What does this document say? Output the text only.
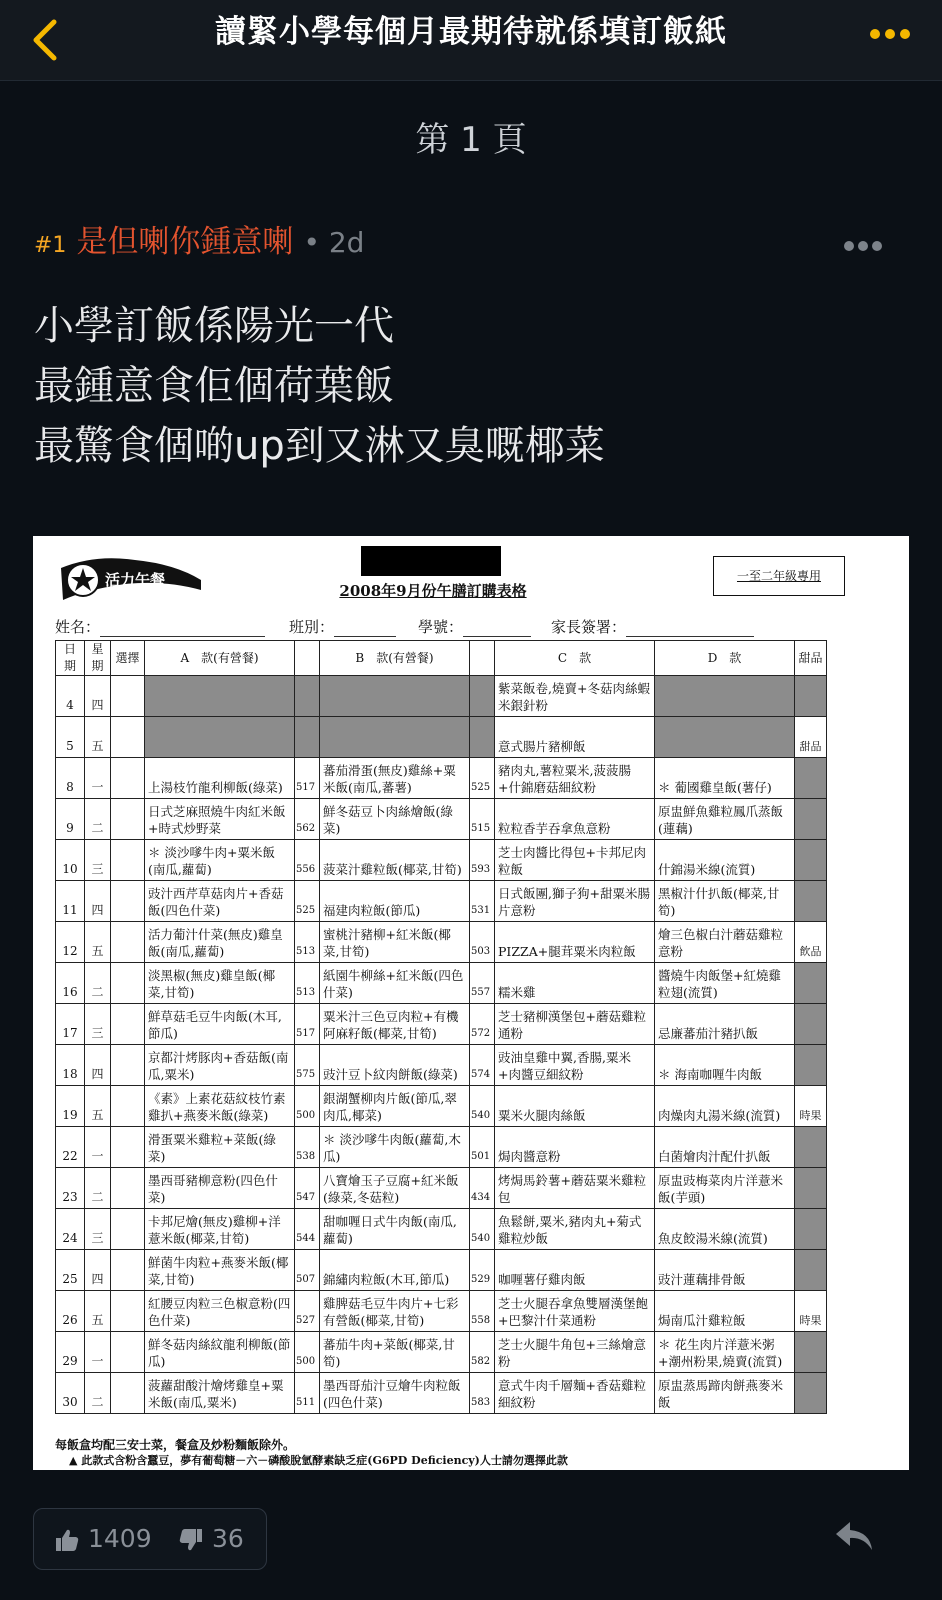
讀緊小學每個月最期待就係填訂飯紙
第 1 頁
#1 是但喇你鍾意喇 • 2d
小學訂飯係陽光一代
最鍾意食佢個荷葉飯
最驚食個啲up到又淋又臭嘅椰菜
活力午餐
2008年9月份午膳訂購表格
一至二年級專用
姓名：	班別：	學號：	家長簽署：
日期	星期	選擇	A　款(有營餐)		B　款(有營餐)		C　款	D　款	甜品
4	四						紫菜飯卷,燒賣+冬菇肉絲蝦米銀針粉		
5	五						意式腸片豬柳飯		甜品
8	一		上湯枝竹龍利柳飯(綠菜)	517	蕃茄滑蛋(無皮)雞絲+粟米飯(南瓜,蕃薯)	525	豬肉丸,薯粒粟米,菠菠腸+什錦磨菇細紋粉	＊ 葡國雞皇飯(薯仔)	
9	二		日式芝麻照燒牛肉紅米飯+時式炒野菜	562	鮮冬菇豆卜肉絲燴飯(綠菜)	515	粒粒香芋吞拿魚意粉	原盅鮮魚雞粒鳳爪蒸飯(蓮藕)	
10	三		＊ 淡沙嗲牛肉+粟米飯(南瓜,蘿蔔)	556	菠菜汁雞粒飯(椰菜,甘筍)	593	芝士肉醬比得包+卡邦尼肉粒飯	什錦湯米線(流質)	
11	四		豉汁西芹草菇肉片+香菇飯(四色什菜)	525	福建肉粒飯(節瓜)	531	日式飯團,獅子狗+甜粟米腸片意粉	黑椒汁什扒飯(椰菜,甘筍)	
12	五		活力葡汁什菜(無皮)雞皇飯(南瓜,蘿蔔)	513	蜜桃汁豬柳+紅米飯(椰菜,甘筍)	503	PIZZA+腿茸粟米肉粒飯	燴三色椒白汁蘑菇雞粒意粉	飲品
16	二		淡黑椒(無皮)雞皇飯(椰菜,甘筍)	513	紙園牛柳絲+紅米飯(四色什菜)	557	糯米雞	醬燒牛肉飯堡+紅燒雞粒翅(流質)	
17	三		鮮草菇毛豆牛肉飯(木耳,節瓜)	517	粟米汁三色豆肉粒+有機阿麻籽飯(椰菜,甘筍)	572	芝士豬柳漢堡包+蘑菇雞粒通粉	忌廉蕃茄汁豬扒飯	
18	四		京都汁烤豚肉+香菇飯(南瓜,粟米)	575	豉汁豆卜紋肉餅飯(綠菜)	574	豉油皇雞中翼,香腸,粟米+肉醬豆細紋粉	＊ 海南咖喱牛肉飯	
19	五		《素》上素花菇紋枝竹素雞扒+燕麥米飯(綠菜)	500	銀湖蟹柳肉片飯(節瓜,翠肉瓜,椰菜)	540	粟米火腿肉絲飯	肉燥肉丸湯米線(流質)	時果
22	一		滑蛋粟米雞粒+菜飯(綠菜)	538	＊ 淡沙嗲牛肉飯(蘿蔔,木瓜)	501	焗肉醬意粉	白菌燴肉汁配什扒飯	
23	二		墨西哥豬柳意粉(四色什菜)	547	八寶燴玉子豆腐+紅米飯(綠菜,冬菇粒)	434	烤焗馬鈴薯+蘑菇粟米雞粒包	原盅豉梅菜肉片洋薏米飯(芋頭)	
24	三		卡邦尼燴(無皮)雞柳+洋薏米飯(椰菜,甘筍)	544	甜咖喱日式牛肉飯(南瓜,蘿蔔)	540	魚鬆餅,粟米,豬肉丸+菊式雞粒炒飯	魚皮餃湯米線(流質)	
25	四		鮮菌牛肉粒+燕麥米飯(椰菜,甘筍)	507	錦繡肉粒飯(木耳,節瓜)	529	咖喱薯仔雞肉飯	豉汁蓮藕排骨飯	
26	五		紅腰豆肉粒三色椒意粉(四色什菜)	527	雞脾菇毛豆牛肉片+七彩有營飯(椰菜,甘筍)	558	芝士火腿吞拿魚雙層漢堡飽+巴黎汁什菜通粉	焗南瓜汁雞粒飯	時果
29	一		鮮冬菇肉絲紋龍利柳飯(節瓜)	500	蕃茄牛肉+菜飯(椰菜,甘筍)	582	芝士火腿牛角包+三絲燴意粉	＊ 花生肉片洋薏米粥+潮州粉果,燒賣(流質)	
30	二		菠蘿甜酸汁燴烤雞皇+粟米飯(南瓜,粟米)	511	墨西哥茄汁豆燴牛肉粒飯(四色什菜)	583	意式牛肉千層麵+香菇雞粒細紋粉	原盅蒸馬蹄肉餅燕麥米飯	
每飯盒均配三安士菜，餐盒及炒粉麵飯除外。
▲ 此款式含粉含蠶豆，夢有葡萄糖－六－磷酸脫氫酵素缺乏症(G6PD Deficiency)人士請勿選擇此款
1409	36
